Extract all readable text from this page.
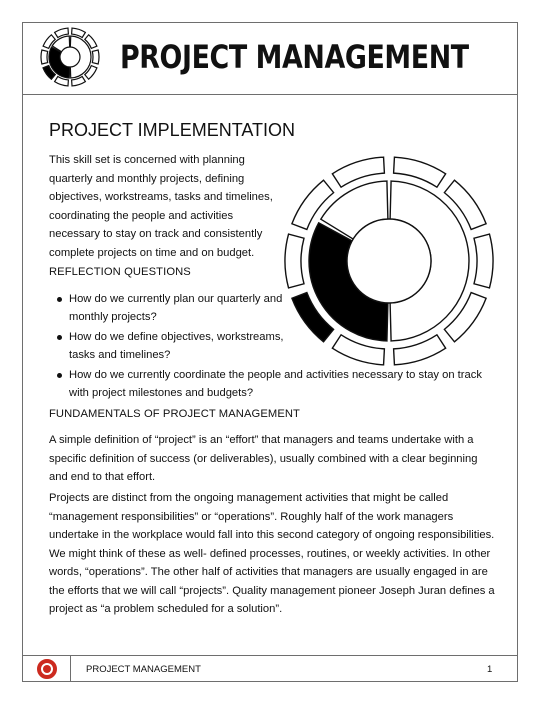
PROJECT MANAGEMENT
PROJECT IMPLEMENTATION

This skill set is concerned with planning quarterly and monthly projects, defining objectives, workstreams, tasks and timelines, coordinating the people and activities necessary to stay on track and consistently complete projects on time and on budget.

REFLECTION QUESTIONS
How do we currently plan our quarterly and monthly projects?
How do we define objectives, workstreams, tasks and timelines?
How do we currently coordinate the people and activities necessary to stay on track with project milestones and budgets?
FUNDAMENTALS OF PROJECT MANAGEMENT

A simple definition of “project” is an “effort” that managers and teams undertake with a specific definition of success (or deliverables), usually combined with a clear beginning and end to that effort.

Projects are distinct from the ongoing management activities that might be called “management responsibilities” or “operations”. Roughly half of the work managers undertake in the workplace would fall into this second category of ongoing responsibilities. We might think of these as well- defined processes, routines, or weekly activities. In other words, “operations”. The other half of activities that managers are usually engaged in are the efforts that we will call “projects”. Quality management pioneer Joseph Juran defines a project as “a problem scheduled for a solution”.

PROJECT MANAGEMENT	1
